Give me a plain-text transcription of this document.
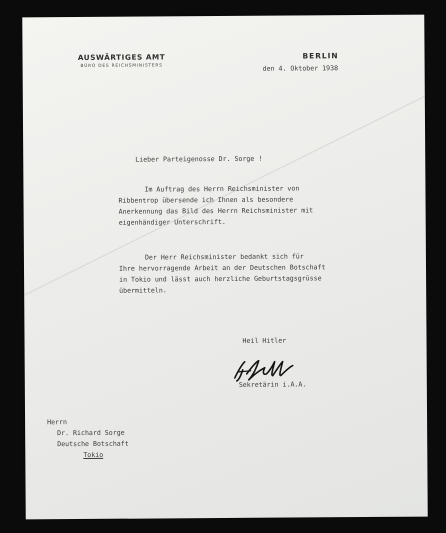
AUSWÄRTIGES AMT
BÜRO DES REICHSMINISTERS
BERLIN
den 4. Oktober 1938
Lieber Parteigenosse Dr. Sorge !
Im Auftrag des Herrn Reichsminister von
Ribbentrop übersende ich Ihnen als besondere
Anerkennung das Bild des Herrn Reichsminister mit
eigenhändiger Unterschrift.
Der Herr Reichsminister bedankt sich für
Ihre hervorragende Arbeit an der Deutschen Botschaft
in Tokio und lässt auch herzliche Geburtstagsgrüsse
übermitteln.
Heil Hitler
Sekretärin i.A.A.
Herrn
Dr. Richard Sorge
Deutsche Botschaft
Tokio
